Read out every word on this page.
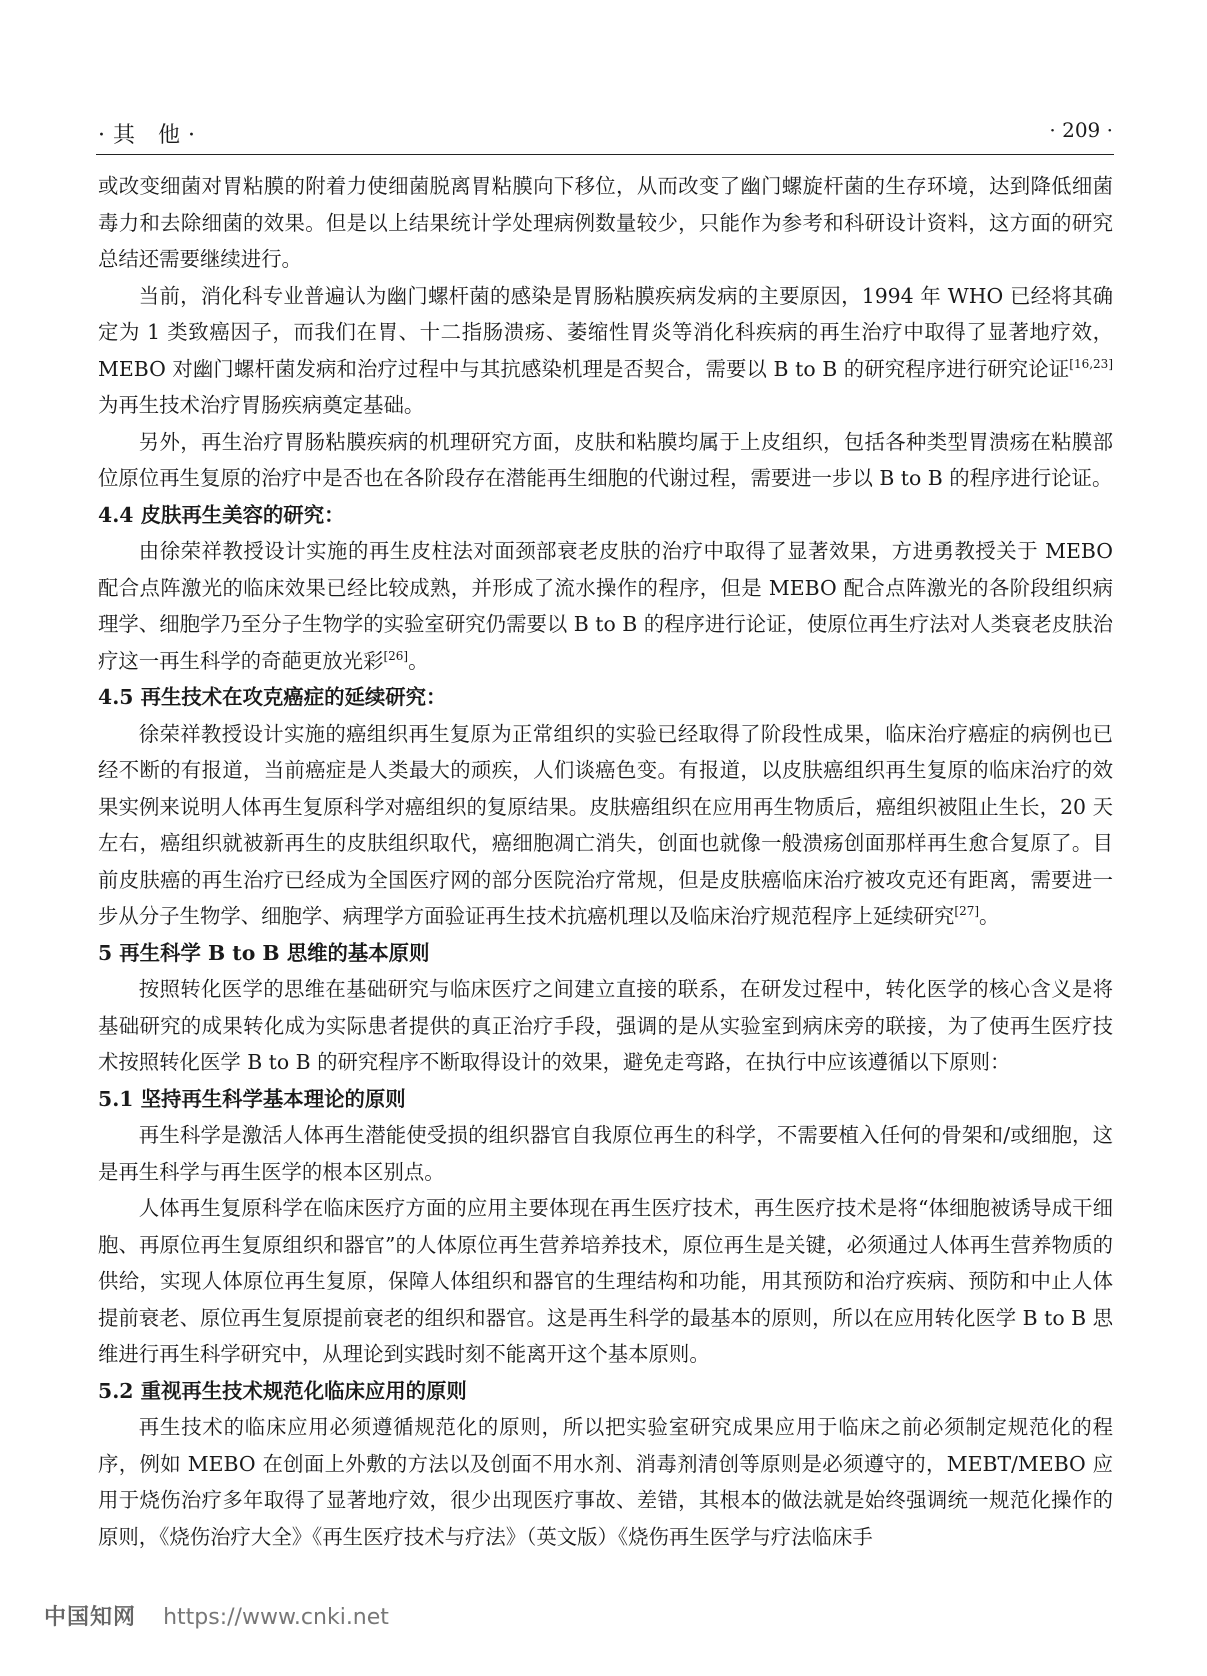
·其 他·	· 209 ·

或改变细菌对胃粘膜的附着力使细菌脱离胃粘膜向下移位，从而改变了幽门螺旋杆菌的生存环境，达到降低细菌毒力和去除细菌的效果。但是以上结果统计学处理病例数量较少，只能作为参考和科研设计资料，这方面的研究总结还需要继续进行。

当前，消化科专业普遍认为幽门螺杆菌的感染是胃肠粘膜疾病发病的主要原因，1994 年 WHO 已经将其确定为 1 类致癌因子，而我们在胃、十二指肠溃疡、萎缩性胃炎等消化科疾病的再生治疗中取得了显著地疗效，MEBO 对幽门螺杆菌发病和治疗过程中与其抗感染机理是否契合，需要以 B to B 的研究程序进行研究论证[16,23]为再生技术治疗胃肠疾病奠定基础。

另外，再生治疗胃肠粘膜疾病的机理研究方面，皮肤和粘膜均属于上皮组织，包括各种类型胃溃疡在粘膜部位原位再生复原的治疗中是否也在各阶段存在潜能再生细胞的代谢过程，需要进一步以 B to B 的程序进行论证。

4.4 皮肤再生美容的研究：

由徐荣祥教授设计实施的再生皮柱法对面颈部衰老皮肤的治疗中取得了显著效果，方进勇教授关于 MEBO 配合点阵激光的临床效果已经比较成熟，并形成了流水操作的程序，但是 MEBO 配合点阵激光的各阶段组织病理学、细胞学乃至分子生物学的实验室研究仍需要以 B to B 的程序进行论证，使原位再生疗法对人类衰老皮肤治疗这一再生科学的奇葩更放光彩[26]。

4.5 再生技术在攻克癌症的延续研究：

徐荣祥教授设计实施的癌组织再生复原为正常组织的实验已经取得了阶段性成果，临床治疗癌症的病例也已经不断的有报道，当前癌症是人类最大的顽疾，人们谈癌色变。有报道，以皮肤癌组织再生复原的临床治疗的效果实例来说明人体再生复原科学对癌组织的复原结果。皮肤癌组织在应用再生物质后，癌组织被阻止生长，20 天左右，癌组织就被新再生的皮肤组织取代，癌细胞凋亡消失，创面也就像一般溃疡创面那样再生愈合复原了。目前皮肤癌的再生治疗已经成为全国医疗网的部分医院治疗常规，但是皮肤癌临床治疗被攻克还有距离，需要进一步从分子生物学、细胞学、病理学方面验证再生技术抗癌机理以及临床治疗规范程序上延续研究[27]。

5 再生科学 B to B 思维的基本原则

按照转化医学的思维在基础研究与临床医疗之间建立直接的联系，在研发过程中，转化医学的核心含义是将基础研究的成果转化成为实际患者提供的真正治疗手段，强调的是从实验室到病床旁的联接，为了使再生医疗技术按照转化医学 B to B 的研究程序不断取得设计的效果，避免走弯路，在执行中应该遵循以下原则：

5.1 坚持再生科学基本理论的原则

再生科学是激活人体再生潜能使受损的组织器官自我原位再生的科学，不需要植入任何的骨架和/或细胞，这是再生科学与再生医学的根本区别点。

人体再生复原科学在临床医疗方面的应用主要体现在再生医疗技术，再生医疗技术是将“体细胞被诱导成干细胞、再原位再生复原组织和器官”的人体原位再生营养培养技术，原位再生是关键，必须通过人体再生营养物质的供给，实现人体原位再生复原，保障人体组织和器官的生理结构和功能，用其预防和治疗疾病、预防和中止人体提前衰老、原位再生复原提前衰老的组织和器官。这是再生科学的最基本的原则，所以在应用转化医学 B to B 思维进行再生科学研究中，从理论到实践时刻不能离开这个基本原则。

5.2 重视再生技术规范化临床应用的原则

再生技术的临床应用必须遵循规范化的原则，所以把实验室研究成果应用于临床之前必须制定规范化的程序，例如 MEBO 在创面上外敷的方法以及创面不用水剂、消毒剂清创等原则是必须遵守的，MEBT/MEBO 应用于烧伤治疗多年取得了显著地疗效，很少出现医疗事故、差错，其根本的做法就是始终强调统一规范化操作的原则，《烧伤治疗大全》《再生医疗技术与疗法》（英文版）《烧伤再生医学与疗法临床手

中国知网 https://www.cnki.net
